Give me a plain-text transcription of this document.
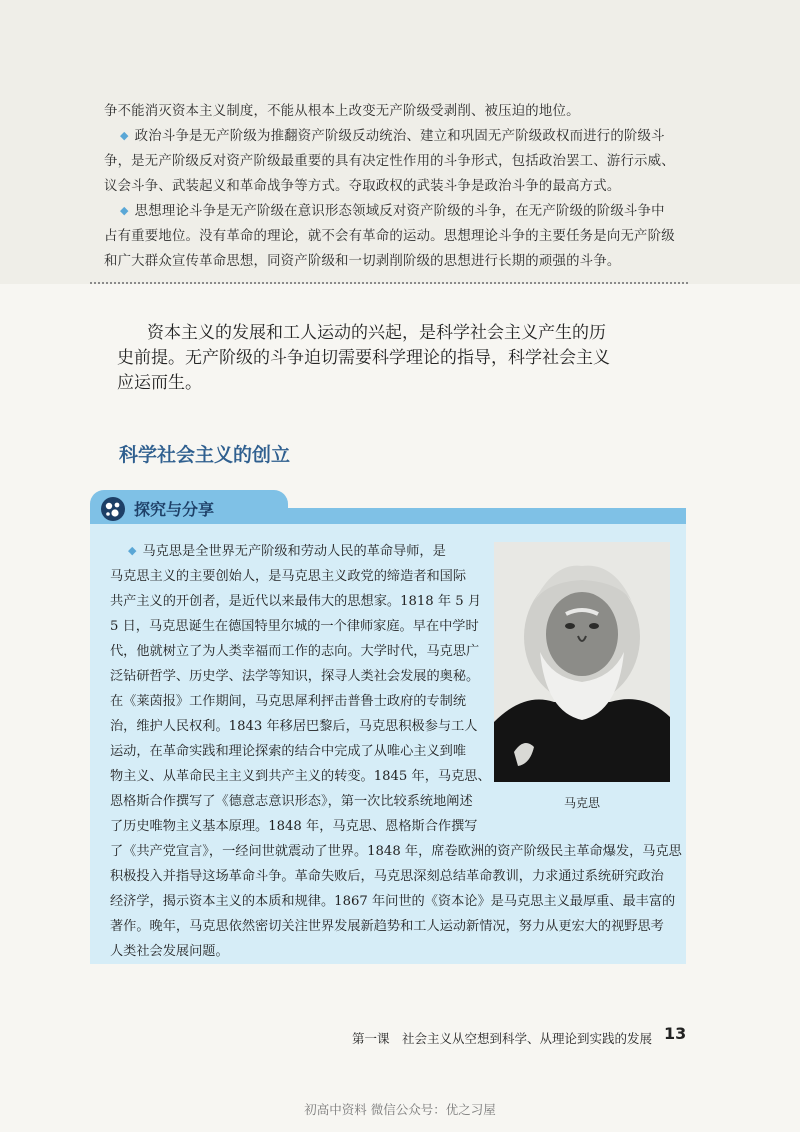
争不能消灭资本主义制度，不能从根本上改变无产阶级受剥削、被压迫的地位。
◆ 政治斗争是无产阶级为推翻资产阶级反动统治、建立和巩固无产阶级政权而进行的阶级斗
争，是无产阶级反对资产阶级最重要的具有决定性作用的斗争形式，包括政治罢工、游行示威、
议会斗争、武装起义和革命战争等方式。夺取政权的武装斗争是政治斗争的最高方式。
◆ 思想理论斗争是无产阶级在意识形态领域反对资产阶级的斗争，在无产阶级的阶级斗争中
占有重要地位。没有革命的理论，就不会有革命的运动。思想理论斗争的主要任务是向无产阶级
和广大群众宣传革命思想，同资产阶级和一切剥削阶级的思想进行长期的顽强的斗争。
资本主义的发展和工人运动的兴起，是科学社会主义产生的历
史前提。无产阶级的斗争迫切需要科学理论的指导，科学社会主义
应运而生。
科学社会主义的创立
探究与分享
◆ 马克思是全世界无产阶级和劳动人民的革命导师，是
马克思主义的主要创始人，是马克思主义政党的缔造者和国际
共产主义的开创者，是近代以来最伟大的思想家。1818 年 5 月
5 日，马克思诞生在德国特里尔城的一个律师家庭。早在中学时
代，他就树立了为人类幸福而工作的志向。大学时代，马克思广
泛钻研哲学、历史学、法学等知识，探寻人类社会发展的奥秘。
在《莱茵报》工作期间，马克思犀利抨击普鲁士政府的专制统
治，维护人民权利。1843 年移居巴黎后，马克思积极参与工人
运动，在革命实践和理论探索的结合中完成了从唯心主义到唯
物主义、从革命民主主义到共产主义的转变。1845 年，马克思、
恩格斯合作撰写了《德意志意识形态》，第一次比较系统地阐述
了历史唯物主义基本原理。1848 年，马克思、恩格斯合作撰写
了《共产党宣言》，一经问世就震动了世界。1848 年，席卷欧洲的资产阶级民主革命爆发，马克思
积极投入并指导这场革命斗争。革命失败后，马克思深刻总结革命教训，力求通过系统研究政治
经济学，揭示资本主义的本质和规律。1867 年问世的《资本论》是马克思主义最厚重、最丰富的
著作。晚年，马克思依然密切关注世界发展新趋势和工人运动新情况，努力从更宏大的视野思考
人类社会发展问题。
马克思
第一课　社会主义从空想到科学、从理论到实践的发展 13
初高中资料 微信公众号：优之习屋
